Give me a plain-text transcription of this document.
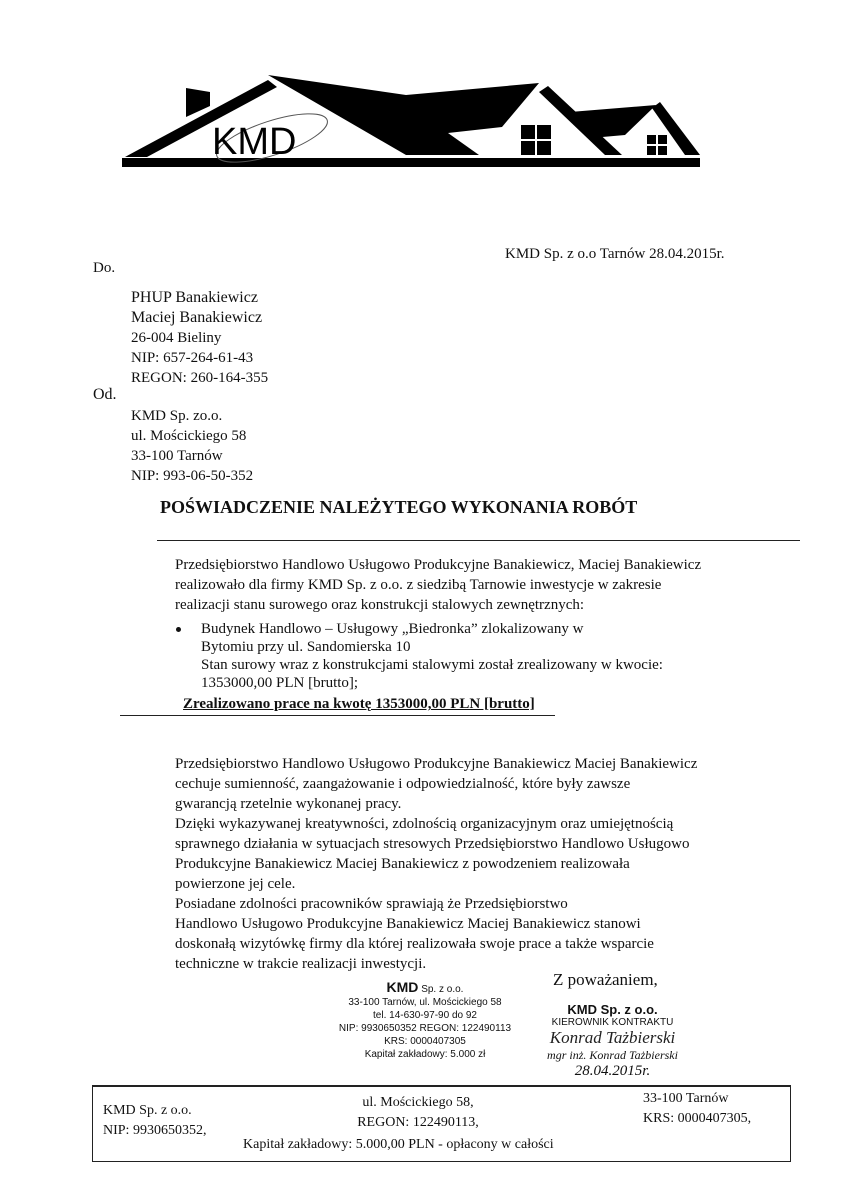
KMD
KMD Sp. z o.o Tarnów 28.04.2015r.
Do.
PHUP Banakiewicz
Maciej Banakiewicz
26-004 Bieliny
NIP: 657-264-61-43
REGON: 260-164-355
Od.
KMD Sp. zo.o.
ul. Mościckiego 58
33-100 Tarnów
NIP: 993-06-50-352
POŚWIADCZENIE NALEŻYTEGO WYKONANIA ROBÓT
Przedsiębiorstwo Handlowo Usługowo Produkcyjne Banakiewicz, Maciej Banakiewicz
realizowało dla firmy KMD Sp. z o.o. z siedzibą Tarnowie inwestycje w zakresie
realizacji stanu surowego oraz konstrukcji stalowych zewnętrznych:
Budynek Handlowo – Usługowy „Biedronka” zlokalizowany w
Bytomiu przy ul. Sandomierska 10
Stan surowy wraz z konstrukcjami stalowymi został zrealizowany w kwocie:
1353000,00 PLN [brutto];
Zrealizowano prace na kwotę 1353000,00 PLN [brutto]
Przedsiębiorstwo Handlowo Usługowo Produkcyjne Banakiewicz Maciej Banakiewicz
cechuje sumienność, zaangażowanie i odpowiedzialność, które były zawsze
gwarancją rzetelnie wykonanej pracy.
Dzięki wykazywanej kreatywności, zdolnością organizacyjnym oraz umiejętnością
sprawnego działania w sytuacjach stresowych Przedsiębiorstwo Handlowo Usługowo
Produkcyjne Banakiewicz Maciej Banakiewicz z powodzeniem realizowała
powierzone jej cele.
Posiadane zdolności pracowników sprawiają że Przedsiębiorstwo
Handlowo Usługowo Produkcyjne Banakiewicz Maciej Banakiewicz stanowi
doskonałą wizytówkę firmy dla której realizowała swoje prace a także wsparcie
techniczne w trakcie realizacji inwestycji.
Z poważaniem,
KMD Sp. z o.o.
33-100 Tarnów, ul. Mościckiego 58
tel. 14-630-97-90 do 92
NIP: 9930650352 REGON: 122490113
KRS: 0000407305
Kapitał zakładowy: 5.000 zł
KMD Sp. z o.o.
KIEROWNIK KONTRAKTU
Konrad Tażbierski
mgr inż. Konrad Tażbierski
28.04.2015r.
KMD Sp. z o.o.
NIP: 9930650352,
ul. Mościckiego 58,
REGON: 122490113,
33-100 Tarnów
KRS: 0000407305,
Kapitał zakładowy: 5.000,00 PLN - opłacony w całości
